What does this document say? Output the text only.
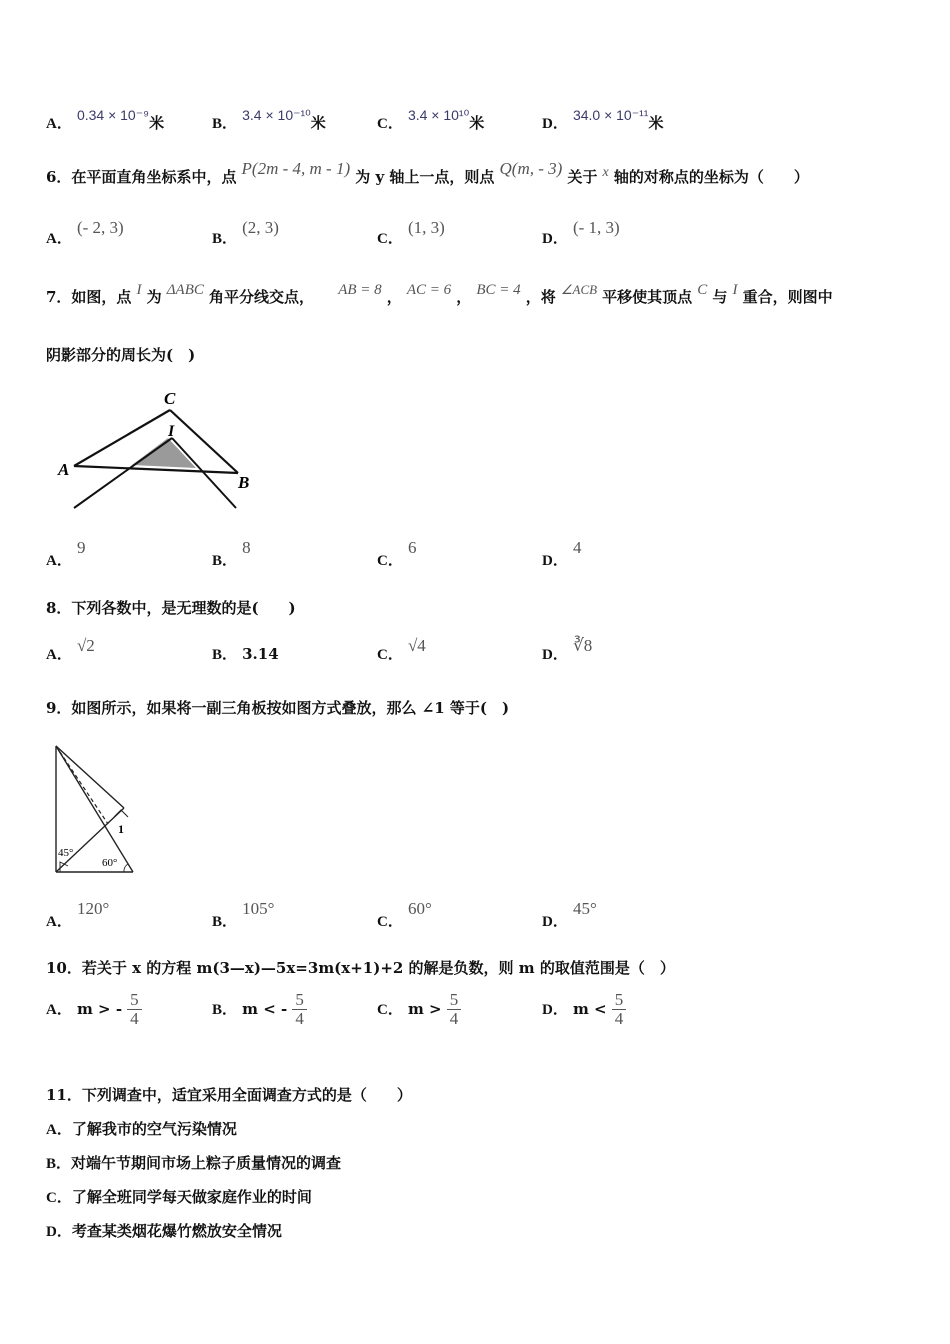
A． 0.34 × 10⁻⁹米	B． 3.4 × 10⁻¹⁰米	C． 3.4 × 10¹⁰米	D． 34.0 × 10⁻¹¹米
6．在平面直角坐标系中，点 P(2m - 4, m - 1) 为 y 轴上一点，则点 Q(m, - 3) 关于 x 轴的对称点的坐标为（　　）
A． (- 2, 3)
B． (2, 3)
C． (1, 3)
D． (- 1, 3)
7．如图，点 I 为 ΔABC 角平分线交点， AB = 8 ， AC = 6 ， BC = 4 ，将 $^{\angle ACB}$ 平移使其顶点 C 与 I 重合，则图中
阴影部分的周长为(　)
A
B
C
I
A． 9
B． 8
C． 6
D． 4
8．下列各数中，是无理数的是(　　)
A． √2	B． 3.14	C． √4	D． ∛8
9．如图所示，如果将一副三角板按如图方式叠放，那么 ∠1 等于(　)
45°
60°
1
A． 120°
B． 105°
C． 60°
D． 45°
10．若关于 x 的方程 m(3—x)—5x=3m(x+1)+2 的解是负数，则 m 的取值范围是（　）
A． m > - $\frac{5}{4}$	B． m < - $\frac{5}{4}$	C． $m > \frac{5}{4}$	D． $m < \frac{5}{4}$
11．下列调查中，适宜采用全面调查方式的是（　　）
A．了解我市的空气污染情况
B．对端午节期间市场上粽子质量情况的调查
C．了解全班同学每天做家庭作业的时间
D．考查某类烟花爆竹燃放安全情况
